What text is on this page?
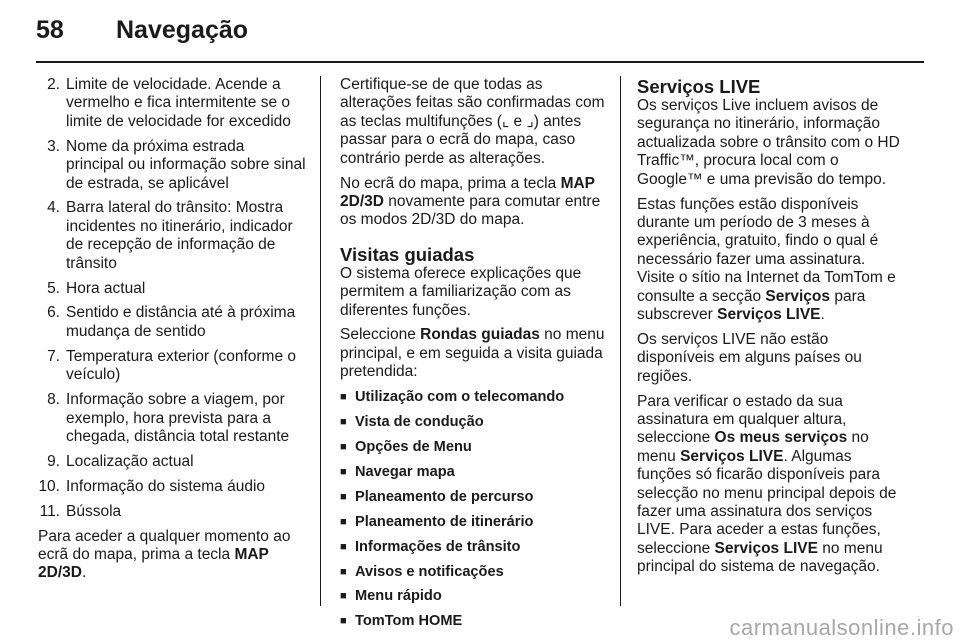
58 Navegação
2. Limite de velocidade. Acende a vermelho e fica intermitente se o limite de velocidade for excedido
3. Nome da próxima estrada principal ou informação sobre sinal de estrada, se aplicável
4. Barra lateral do trânsito: Mostra incidentes no itinerário, indicador de recepção de informação de trânsito
5. Hora actual
6. Sentido e distância até à próxima mudança de sentido
7. Temperatura exterior (conforme o veículo)
8. Informação sobre a viagem, por exemplo, hora prevista para a chegada, distância total restante
9. Localização actual
10. Informação do sistema áudio
11. Bússola

Para aceder a qualquer momento ao ecrã do mapa, prima a tecla MAP 2D/3D.

Certifique-se de que todas as alterações feitas são confirmadas com as teclas multifunções (⌞ e ⌟) antes passar para o ecrã do mapa, caso contrário perde as alterações.

No ecrã do mapa, prima a tecla MAP 2D/3D novamente para comutar entre os modos 2D/3D do mapa.

Visitas guiadas

O sistema oferece explicações que permitem a familiarização com as diferentes funções.

Seleccione Rondas guiadas no menu principal, e em seguida a visita guiada pretendida:

■ Utilização com o telecomando
■ Vista de condução
■ Opções de Menu
■ Navegar mapa
■ Planeamento de percurso
■ Planeamento de itinerário
■ Informações de trânsito
■ Avisos e notificações
■ Menu rápido
■ TomTom HOME
Serviços LIVE

Os serviços Live incluem avisos de segurança no itinerário, informação actualizada sobre o trânsito com o HD Traffic™, procura local com o Google™ e uma previsão do tempo.

Estas funções estão disponíveis durante um período de 3 meses à experiência, gratuito, findo o qual é necessário fazer uma assinatura. Visite o sítio na Internet da TomTom e consulte a secção Serviços para subscrever Serviços LIVE.

Os serviços LIVE não estão disponíveis em alguns países ou regiões.

Para verificar o estado da sua assinatura em qualquer altura, seleccione Os meus serviços no menu Serviços LIVE. Algumas funções só ficarão disponíveis para selecção no menu principal depois de fazer uma assinatura dos serviços LIVE. Para aceder a estas funções, seleccione Serviços LIVE no menu principal do sistema de navegação.

carmanualsonline.info
